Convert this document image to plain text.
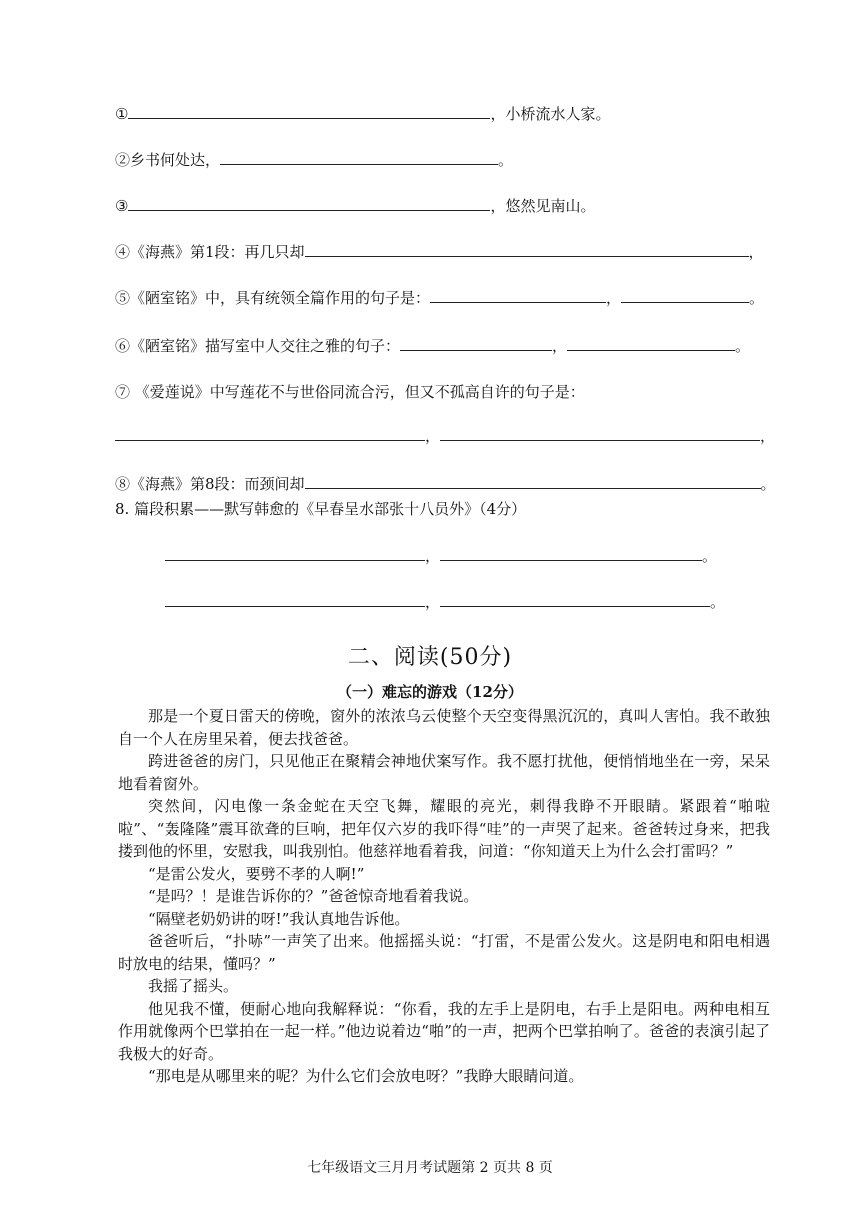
①	，小桥流水人家。
②乡书何处达，	。
③	，悠然见南山。
④《海燕》第1段：再几只却	，
⑤《陋室铭》中，具有统领全篇作用的句子是：	，	。
⑥《陋室铭》描写室中人交往之雅的句子：	，	。
⑦ 《爱莲说》中写莲花不与世俗同流合污，但又不孤高自许的句子是：
，	，
⑧《海燕》第8段：而颈间却	。
8. 篇段积累——默写韩愈的《早春呈水部张十八员外》（4分）
，	。
，	。
二、阅读(50分)
（一）难忘的游戏（12分）

那是一个夏日雷天的傍晚，窗外的浓浓乌云使整个天空变得黑沉沉的，真叫人害怕。我不敢独自一个人在房里呆着，便去找爸爸。

跨进爸爸的房门，只见他正在聚精会神地伏案写作。我不愿打扰他，便悄悄地坐在一旁，呆呆地看着窗外。

突然间，闪电像一条金蛇在天空飞舞，耀眼的亮光，刺得我睁不开眼睛。紧跟着“啪啦啦”、“轰隆隆”震耳欲聋的巨响，把年仅六岁的我吓得“哇”的一声哭了起来。爸爸转过身来，把我搂到他的怀里，安慰我，叫我别怕。他慈祥地看着我，问道：“你知道天上为什么会打雷吗？”

“是雷公发火，要劈不孝的人啊!”

“是吗？！是谁告诉你的？”爸爸惊奇地看着我说。

“隔壁老奶奶讲的呀!”我认真地告诉他。

爸爸听后，“扑哧”一声笑了出来。他摇摇头说：“打雷，不是雷公发火。这是阴电和阳电相遇时放电的结果，懂吗？”

我摇了摇头。

他见我不懂，便耐心地向我解释说：“你看，我的左手上是阴电，右手上是阳电。两种电相互作用就像两个巴掌拍在一起一样。”他边说着边“啪”的一声，把两个巴掌拍响了。爸爸的表演引起了我极大的好奇。

“那电是从哪里来的呢？为什么它们会放电呀？”我睁大眼睛问道。

七年级语文三月月考试题第 2 页共 8 页
